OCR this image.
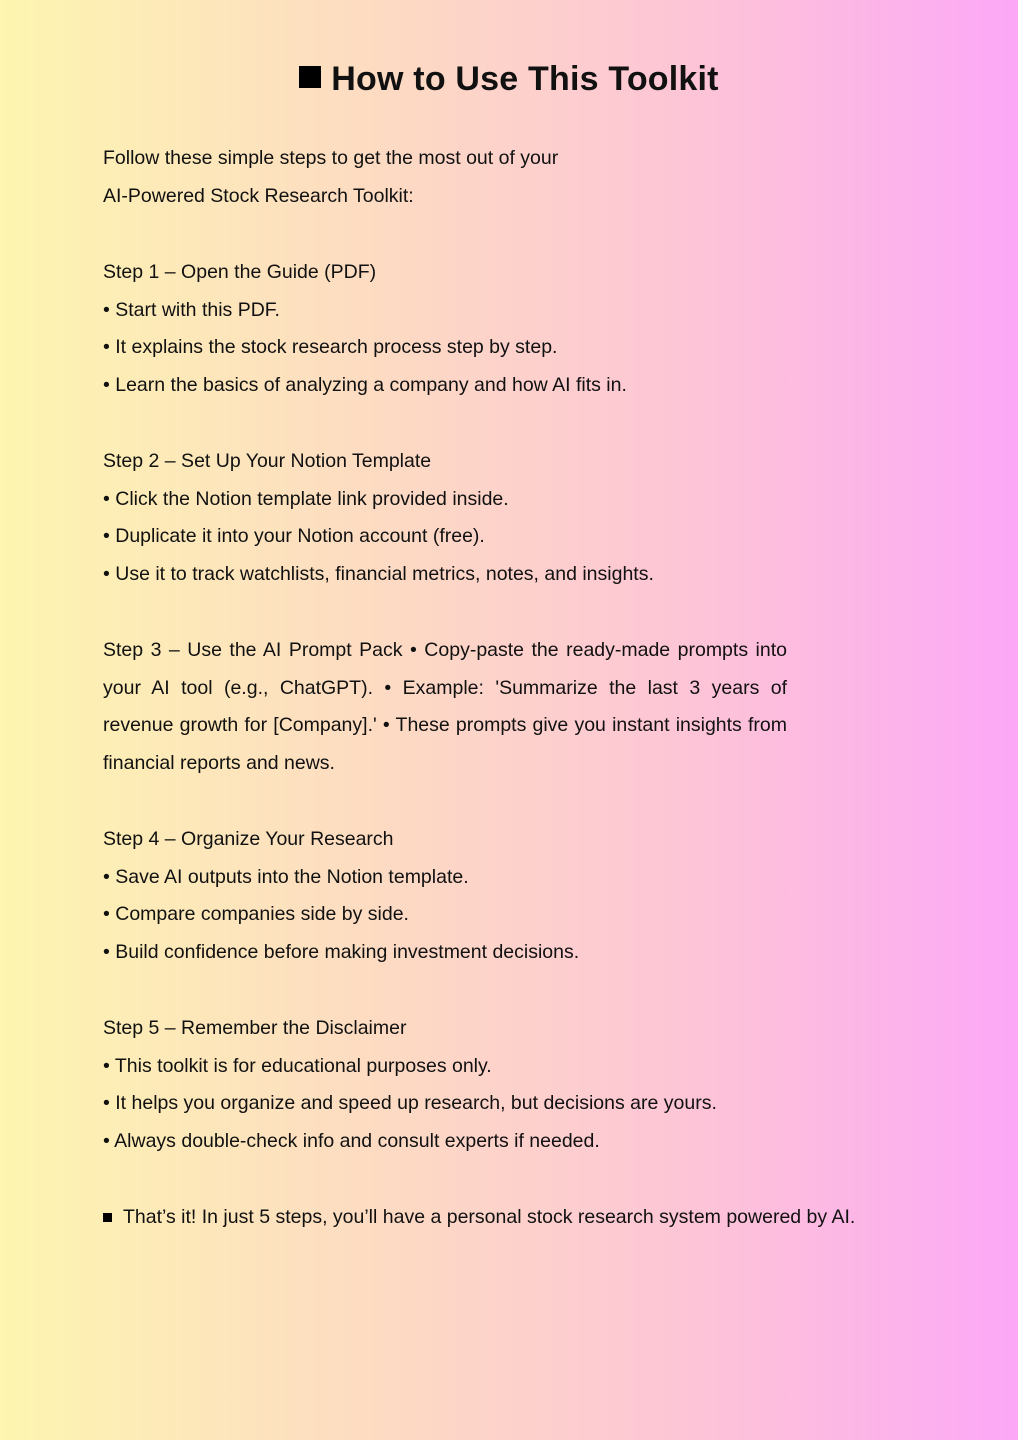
How to Use This Toolkit

Follow these simple steps to get the most out of your

AI-Powered Stock Research Toolkit:

Step 1 – Open the Guide (PDF)

• Start with this PDF.

• It explains the stock research process step by step.

• Learn the basics of analyzing a company and how AI fits in.

Step 2 – Set Up Your Notion Template

• Click the Notion template link provided inside.

• Duplicate it into your Notion account (free).

• Use it to track watchlists, financial metrics, notes, and insights.

Step 3 – Use the AI Prompt Pack • Copy-paste the ready-made prompts into your AI tool (e.g., ChatGPT). • Example: 'Summarize the last 3 years of revenue growth for [Company].' • These prompts give you instant insights from financial reports and news.

Step 4 – Organize Your Research

• Save AI outputs into the Notion template.

• Compare companies side by side.

• Build confidence before making investment decisions.

Step 5 – Remember the Disclaimer

• This toolkit is for educational purposes only.

• It helps you organize and speed up research, but decisions are yours.

• Always double-check info and consult experts if needed.

That’s it! In just 5 steps, you’ll have a personal stock research system powered by AI.
